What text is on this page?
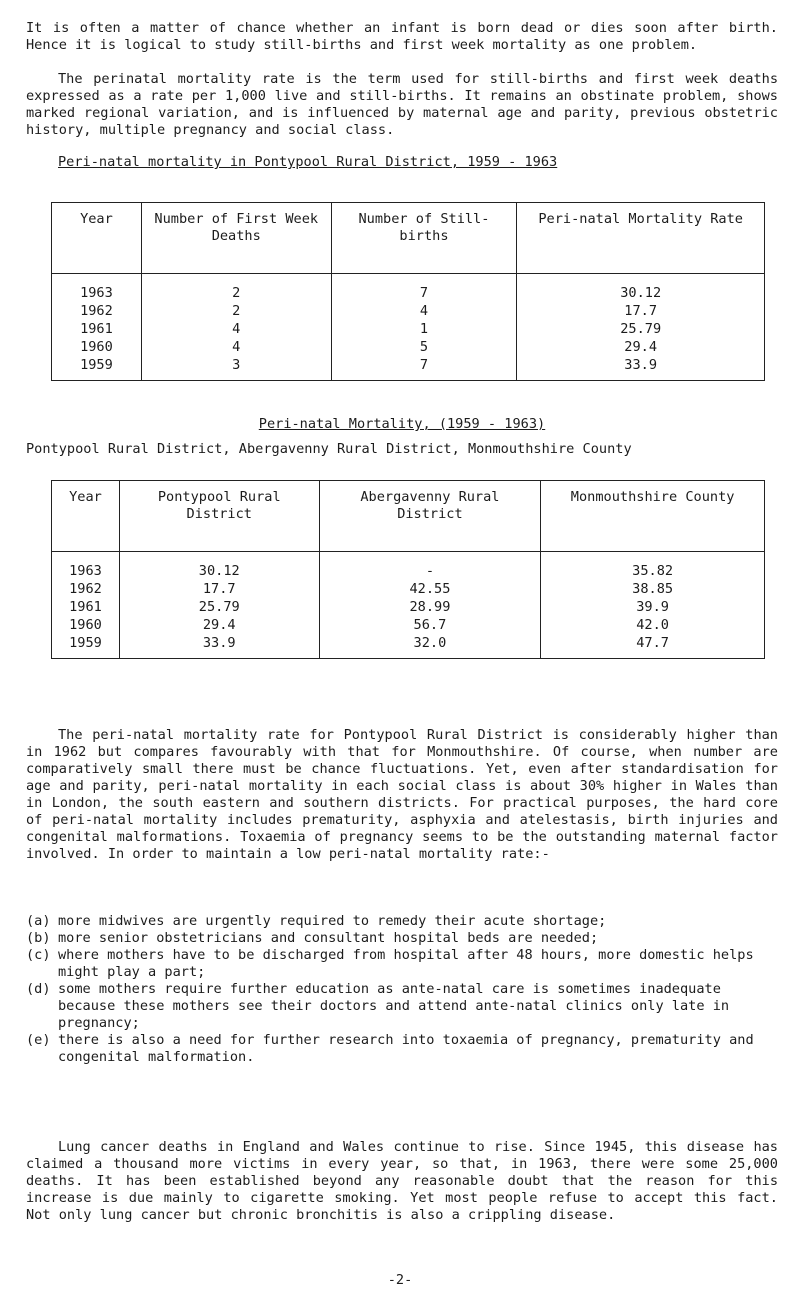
It is often a matter of chance whether an infant is born dead or dies soon after birth. Hence it is logical to study still-births and first week mortality as one problem.

The perinatal mortality rate is the term used for still-births and first week deaths expressed as a rate per 1,000 live and still-births. It remains an obstinate problem, shows marked regional variation, and is influenced by maternal age and parity, previous obstetric history, multiple pregnancy and social class.

Peri-natal mortality in Pontypool Rural District, 1959 - 1963

Year	Number of First Week Deaths	Number of Still-births	Peri-natal Mortality Rate
1963	2	7	30.12
1962	2	4	17.7
1961	4	1	25.79
1960	4	5	29.4
1959	3	7	33.9

Peri-natal Mortality, (1959 - 1963)

Pontypool Rural District, Abergavenny Rural District, Monmouthshire County

Year	Pontypool Rural District	Abergavenny Rural District	Monmouthshire County
1963	30.12	-	35.82
1962	17.7	42.55	38.85
1961	25.79	28.99	39.9
1960	29.4	56.7	42.0
1959	33.9	32.0	47.7

The peri-natal mortality rate for Pontypool Rural District is considerably higher than in 1962 but compares favourably with that for Monmouthshire. Of course, when number are comparatively small there must be chance fluctuations. Yet, even after standardisation for age and parity, peri-natal mortality in each social class is about 30% higher in Wales than in London, the south eastern and southern districts. For practical purposes, the hard core of peri-natal mortality includes prematurity, asphyxia and atelestasis, birth injuries and congenital malformations. Toxaemia of pregnancy seems to be the outstanding maternal factor involved. In order to maintain a low peri-natal mortality rate:-

(a) more midwives are urgently required to remedy their acute shortage;
(b) more senior obstetricians and consultant hospital beds are needed;
(c) where mothers have to be discharged from hospital after 48 hours, more domestic helps might play a part;
(d) some mothers require further education as ante-natal care is sometimes inadequate because these mothers see their doctors and attend ante-natal clinics only late in pregnancy;
(e) there is also a need for further research into toxaemia of pregnancy, prematurity and congenital malformation.

Lung cancer deaths in England and Wales continue to rise. Since 1945, this disease has claimed a thousand more victims in every year, so that, in 1963, there were some 25,000 deaths. It has been established beyond any reasonable doubt that the reason for this increase is due mainly to cigarette smoking. Yet most people refuse to accept this fact. Not only lung cancer but chronic bronchitis is also a crippling disease.

-2-
